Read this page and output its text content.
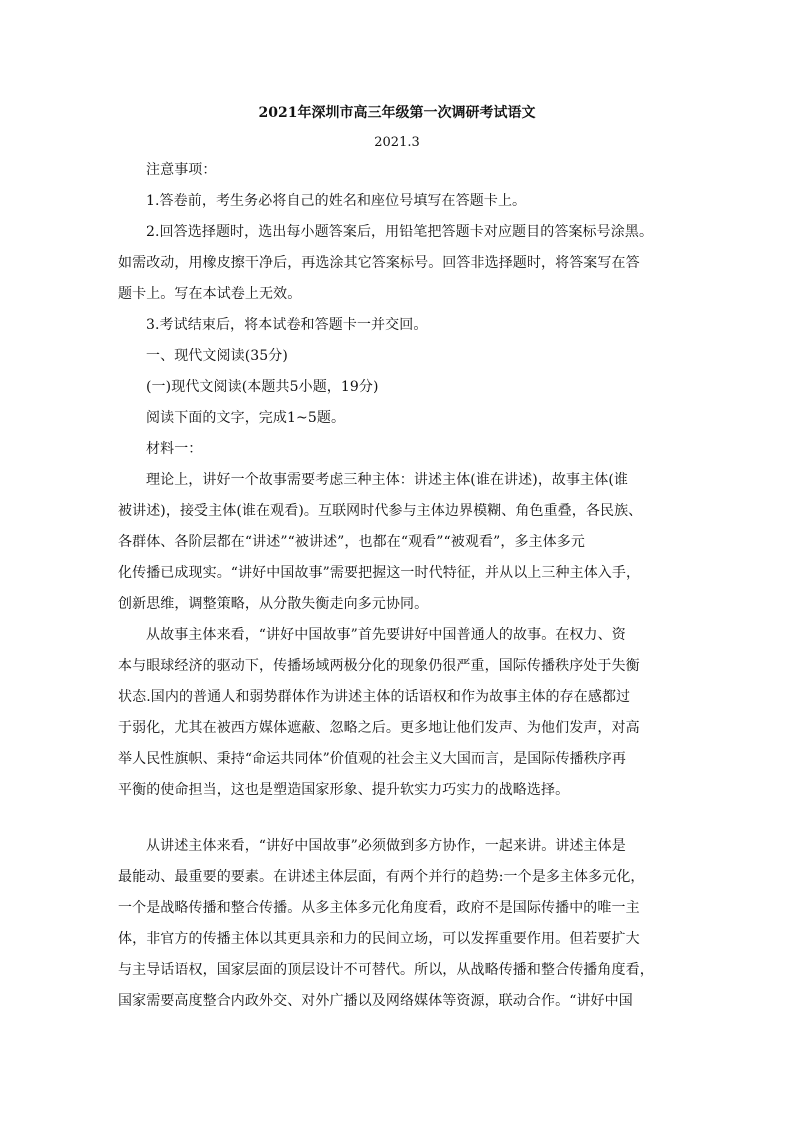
2021年深圳市高三年级第一次调研考试语文
2021.3
注意事项：
1.答卷前，考生务必将自己的姓名和座位号填写在答题卡上。
2.回答选择题时，选出每小题答案后，用铅笔把答题卡对应题目的答案标号涂黑。
如需改动，用橡皮擦干净后，再选涂其它答案标号。回答非选择题时，将答案写在答
题卡上。写在本试卷上无效。
3.考试结束后，将本试卷和答题卡一并交回。
一、现代文阅读(35分)
(一)现代文阅读(本题共5小题，19分)
阅读下面的文字，完成1~5题。
材料一：
理论上，讲好一个故事需要考虑三种主体：讲述主体(谁在讲述)，故事主体(谁
被讲述)，接受主体(谁在观看)。互联网时代参与主体边界模糊、角色重叠，各民族、
各群体、各阶层都在“讲述”“被讲述”，也都在“观看”“被观看”，多主体多元
化传播已成现实。“讲好中国故事”需要把握这一时代特征，并从以上三种主体入手，
创新思维，调整策略，从分散失衡走向多元协同。
从故事主体来看，“讲好中国故事”首先要讲好中国普通人的故事。在权力、资
本与眼球经济的驱动下，传播场域两极分化的现象仍很严重，国际传播秩序处于失衡
状态.国内的普通人和弱势群体作为讲述主体的话语权和作为故事主体的存在感都过
于弱化，尤其在被西方媒体遮蔽、忽略之后。更多地让他们发声、为他们发声，对高
举人民性旗帜、秉持“命运共同体”价值观的社会主义大国而言，是国际传播秩序再
平衡的使命担当，这也是塑造国家形象、提升软实力巧实力的战略选择。
从讲述主体来看，“讲好中国故事”必须做到多方协作，一起来讲。讲述主体是
最能动、最重要的要素。在讲述主体层面，有两个并行的趋势:一个是多主体多元化，
一个是战略传播和整合传播。从多主体多元化角度看，政府不是国际传播中的唯一主
体，非官方的传播主体以其更具亲和力的民间立场，可以发挥重要作用。但若要扩大
与主导话语权，国家层面的顶层设计不可替代。所以，从战略传播和整合传播角度看，
国家需要高度整合内政外交、对外广播以及网络媒体等资源，联动合作。“讲好中国
